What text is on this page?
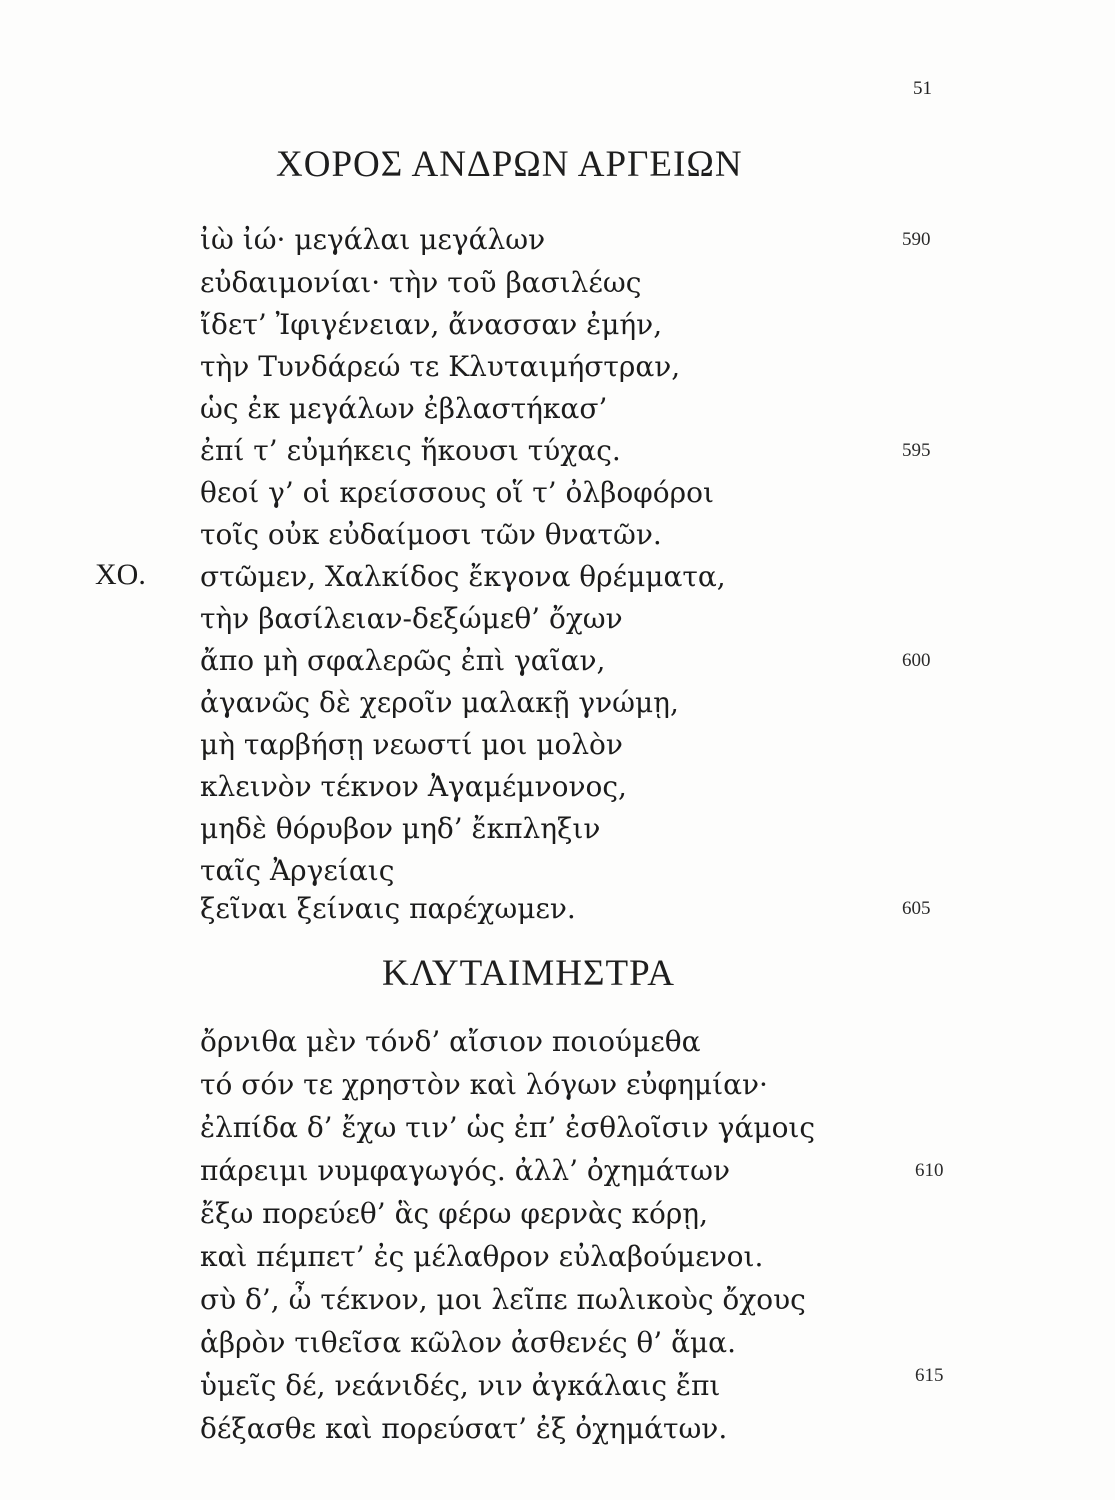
51
ΧΟΡΟΣ ΑΝΔΡΩΝ ΑΡΓΕΙΩΝ
ἰὼ ἰώ· μεγάλαι μεγάλων	590
εὐδαιμονίαι· τὴν τοῦ βασιλέως
ἴδετ’ Ἰφιγένειαν, ἄνασσαν ἐμήν,
τὴν Τυνδάρεώ τε Κλυταιμήστραν,
ὡς ἐκ μεγάλων ἐβλαστήκασ’
ἐπί τ’ εὐμήκεις ἥκουσι τύχας.	595
θεοί γ’ οἱ κρείσσους οἵ τ’ ὀλβοφόροι
τοῖς οὐκ εὐδαίμοσι τῶν θνατῶν.
ΧΟ. στῶμεν, Χαλκίδος ἔκγονα θρέμματα,
τὴν βασίλειαν-δεξώμεθ’ ὄχων
ἄπο μὴ σφαλερῶς ἐπὶ γαῖαν,	600
ἀγανῶς δὲ χεροῖν μαλακῇ γνώμῃ,
μὴ ταρβήσῃ νεωστί μοι μολὸν
κλεινὸν τέκνον Ἀγαμέμνονος,
μηδὲ θόρυβον μηδ’ ἔκπληξιν
ταῖς Ἀργείαις
ξεῖναι ξείναις παρέχωμεν.	605
ΚΛΥΤΑΙΜΗΣΤΡΑ
ὄρνιθα μὲν τόνδ’ αἴσιον ποιούμεθα
τό σόν τε χρηστὸν καὶ λόγων εὐφημίαν·
ἐλπίδα δ’ ἔχω τιν’ ὡς ἐπ’ ἐσθλοῖσιν γάμοις
πάρειμι νυμφαγωγός. ἀλλ’ ὀχημάτων	610
ἔξω πορεύεθ’ ἃς φέρω φερνὰς κόρῃ,
καὶ πέμπετ’ ἐς μέλαθρον εὐλαβούμενοι.
σὺ δ’, ὦ τέκνον, μοι λεῖπε πωλικοὺς ὄχους
ἁβρὸν τιθεῖσα κῶλον ἀσθενές θ’ ἅμα.
ὑμεῖς δέ, νεάνιδές, νιν ἀγκάλαις ἔπι	615
δέξασθε καὶ πορεύσατ’ ἐξ ὀχημάτων.
